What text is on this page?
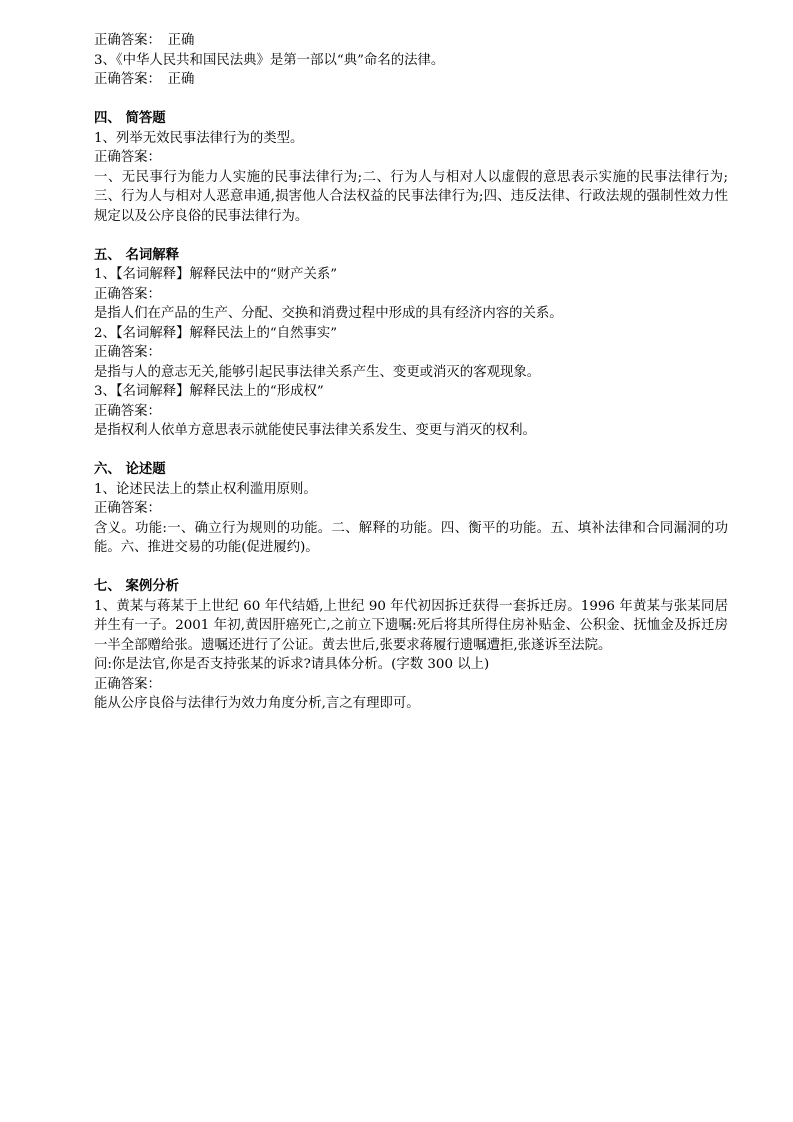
正确答案：　正确
3、《中华人民共和国民法典》是第一部以“典”命名的法律。
正确答案：　正确
四、 简答题
1、列举无效民事法律行为的类型。
正确答案：
一、无民事行为能力人实施的民事法律行为;二、行为人与相对人以虚假的意思表示实施的民事法律行为;三、行为人与相对人恶意串通,损害他人合法权益的民事法律行为;四、违反法律、行政法规的强制性效力性规定以及公序良俗的民事法律行为。
五、 名词解释
1、【名词解释】解释民法中的“财产关系”
正确答案：
是指人们在产品的生产、分配、交换和消费过程中形成的具有经济内容的关系。
2、【名词解释】解释民法上的“自然事实”
正确答案：
是指与人的意志无关,能够引起民事法律关系产生、变更或消灭的客观现象。
3、【名词解释】解释民法上的“形成权”
正确答案：
是指权利人依单方意思表示就能使民事法律关系发生、变更与消灭的权利。
六、 论述题
1、论述民法上的禁止权利滥用原则。
正确答案：
含义。功能:一、确立行为规则的功能。二、解释的功能。四、衡平的功能。五、填补法律和合同漏洞的功能。六、推进交易的功能(促进履约)。
七、 案例分析
1、黄某与蒋某于上世纪 60 年代结婚,上世纪 90 年代初因拆迁获得一套拆迁房。1996 年黄某与张某同居并生有一子。2001 年初,黄因肝癌死亡,之前立下遗嘱:死后将其所得住房补贴金、公积金、抚恤金及拆迁房一半全部赠给张。遗嘱还进行了公证。黄去世后,张要求蒋履行遗嘱遭拒,张遂诉至法院。
问:你是法官,你是否支持张某的诉求?请具体分析。(字数 300 以上)
正确答案：
能从公序良俗与法律行为效力角度分析,言之有理即可。
